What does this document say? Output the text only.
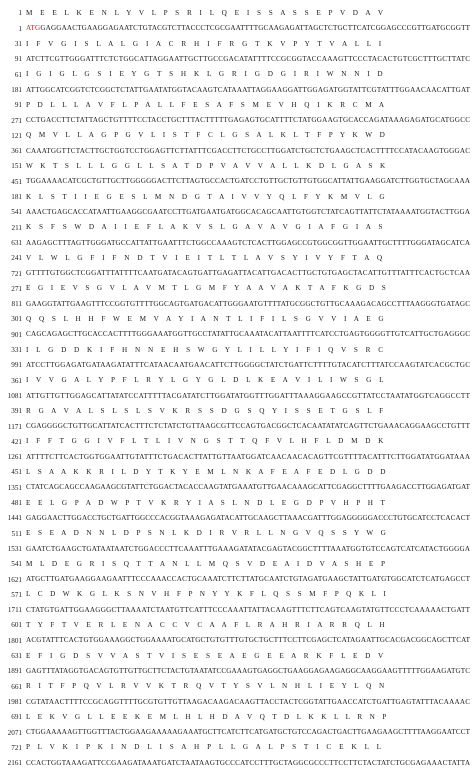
1 M E E L K E N L Y V L P S R I L Q E I S S A S S E P V D A V
1 ATGGAGGAACTGAAGGAGAATCTGTACGTCTTACCCTCGCGAATTTTGCAAGAGATTAGCTCTGCTTCATCGGAGCCCGTTGATGCGGTT
31 I F V G I S L A L G I A C R H I F R G T K V P Y T V A L L I
91 ATCTTCGTTGGGATTTCTCTGGCATTAGGAATTGCTTGCCGACATATTTTCCGCGGTACCAAAGTTCCCTACACTGTCGCTTTGCTTATC
61 I G I G L G S I E Y G T S H K L G R I G D G I R I W N N I D
181 ATTGGCATCGGTCTCGGCTCTATTGAATATGGTACAAGTCATAAATTAGGAAGGATTGGAGATGGTATTCGTATTTGGAACAACATTGAT
91 P D L L L A V F L P A L L F E S A F S M E V H Q I K R C M A
271 CCTGACCTTCTATTAGCTGTTTTCCTACCTGCTTTACTTTTTGAGAGTGCATTTTCTATGGAAGTGCACCAGATAAAGAGATGCATGGCC
121 Q M V L L A G P G V L I S T F C L G S A L K L T F P Y K W D
361 CAAATGGTTCTACTTGCTGGTCCTGGAGTTCTTATTTCGACCTTCTGCCTTGGATCTGCTCTGAAGCTCACTTTTCCATACAAGTGGGAC
151 W K T S L L L G G L L S A T D P V A V V A L L K D L G A S K
451 TGGAAAACATCGCTGTTGCTTGGGGGACTTCTTAGTGCCACTGATCCTGTTGCTGTTGTGGCATTATTGAAGGATCTTGGTGCTAGCAAA
181 K L S T I I E G E S L M N D G T A I V V Y Q L F Y K M V L G
541 AAACTGAGCACCATAATTGAAGGCGAATCCTTGATGAATGATGGCACAGCAATTGTGGTCTATCAGTTATTCTATAAAATGGTACTTGGA
211 K S F S W D A I I E F L A K V S L G A V A V G I A F G I A S
631 AAGAGCTTTAGTTGGGATGCCATTATTGAATTTCTGGCCAAAGTCTCACTTGGAGCCGTGGCGGTTGGAATTGCTTTTGGGATAGCATCA
241 V L W L G F I F N D T V I E I T L T L A V S Y I V Y F T A Q
721 GTTTTGTGGCTCGGATTTATTTTCAATGATACAGTGATTGAGATTACATTGACACTTGCTGTGAGCTACATTGTTTATTTCACTGCTCAA
271 E G I E V S G V L A V M T L G M F Y A A V A K T A F K G D S
811 GAAGGTATTGAAGTTTCCGGTGTTTTGGCAGTGATGACATTGGGAATGTTTTATGCGGCTGTTGCAAAGACAGCCTTTAAGGGTGATAGC
301 Q Q S L H H F W E M V A Y I A N T L I F I L S G V V I A E G
901 CAGCAGAGCTTGCACCACTTTTGGGAAATGGTTGCCTATATTGCAAATACATTAATTTTCATCCTGAGTGGGGTTGTCATTGCTGAGGGC
331 I L G D D K I F H N N E H S W G Y L I L L Y I F I Q V S R C
991 ATCCTTGGAGATGATAAGATATTTCATAACAATGAACATTCTTGGGGCTATCTGATTCTTTTGTACATCTTTATCCAAGTATCACGCTGC
361 I V V G A L Y P F L R Y L G Y G L D L K E A V I L I W S G L
1081 ATTGTTGTTGGAGCATTATATCCATTTTTACGATATCTTGGATATGGTTTGGATTTAAAGGAAGCCGTTATCCTAATATGGTCAGGCCTT
391 R G A V A L S L S L S V K R S S D G S Q Y I S S E T G S L F
1171 CGAGGGGCTGTTGCATTATCACTTTCTCTATCTGTTAAGCGTTCCAGTGACGGCTCACAATATATCAGTTCTGAAACAGGAAGCCTGTTT
421 I F F T G G I V F L T L I V N G S T T Q F V L H F L D M D K
1261 ATTTTCTTCACTGGTGGAATTGTATTTCTGACACTTATTGTTAATGGATCAACAACACAGTTCGTTTTACATTTCTTGGATATGGATAAA
451 L S A A K K R I L D Y T K Y E M L N K A F E A F E D L G D D
1351 CTATCAGCAGCCAAGAAGCGTATTCTGGACTACACCAAGTATGAAATGTTGAACAAAGCATTCGAGGCTTTTGAAGACCTTGGAGATGAT
481 E E L G P A D W P T V K R Y I A S L N D L E G D P V H P H T
1441 GAGGAACTTGGACCTGCTGATTGGCCCACGGTAAAGAGATACATTGCAAGCTTAAACGATTTGGAGGGGGACCCTGTGCATCCTCACACT
511 E S E A D N N L D P S N L K D I R V R L L N G V Q S S Y W G
1531 GAATCTGAAGCTGATAATAATCTGGACCCTTCAAATTTGAAAGATATACGAGTACGGCTTTTAAATGGTGTCCAGTCATCATACTGGGGA
541 M L D E G R I S Q T T A N L L M Q S V D E A I D V A S H E P
1621 ATGCTTGATGAAGGAAGAATTTCCCAAACCACTGCAAATCTTCTTATGCAATCTGTAGATGAAGCTATTGATGTGGCATCTCATGAGCCT
571 L C D W K G L K S N V H F P N Y Y K F L Q S S M F P Q K L I
1711 CTATGTGATTGGAAGGGCTTAAAATCTAATGTTCATTTCCCAAATTATTACAAGTTTCTTCAGTCAAGTATGTTCCCTCAAAAACTGATT
601 T Y F T V E R L E N A C C V C A A F L R A H R I A R R Q L H
1801 ACGTATTTCACTGTGGAAAGGCTGGAAAATGCATGCTGTGTTTGTGCTGCTTTCCTTCGAGCTCATAGAATTGCACGACGGCAGCTTCAT
631 E F I G D S V V A S T V I S E S E A E G E E A R K F L E D V
1891 GAGTTTATAGGTGACAGTGTTGTTGCTTCTACTGTAATATCCGAAAGTGAGGCTGAAGGAGAAGAGGCAAGGAAGTTTTTGGAAGATGTC
661 R I T F P Q V L R V V K T R Q V T Y S V L N H L I E Y L Q N
1981 CGTATAACTTTTCCGCAGGTTTTGCGTGTTGTTAAGACAAGACAAGTTACCTACTCGGTATTGAACCATCTGATTGAGTATTTACAAAAC
691 L E K V G L L E E K E M L H L H D A V Q T D L K K L L R N P
2071 CTGGAAAAAGTTGGTTTACTGGAAGAAAAAGAAATGCTTCATCTTCATGATGCTGTCCAGACTGACTTGAAGAAGCTTTTAAGGAATCCT
721 P L V K I P K I N D L I S A H P L L G A L P S T I C E K L L
2161 CCACTGGTAAAGATTCCGAAGATAAATGATCTAATAAGTGCCCATCCTTTGCTAGGCGCCCTTCCTTCTACTATCTGCGAGAAACTATTA
